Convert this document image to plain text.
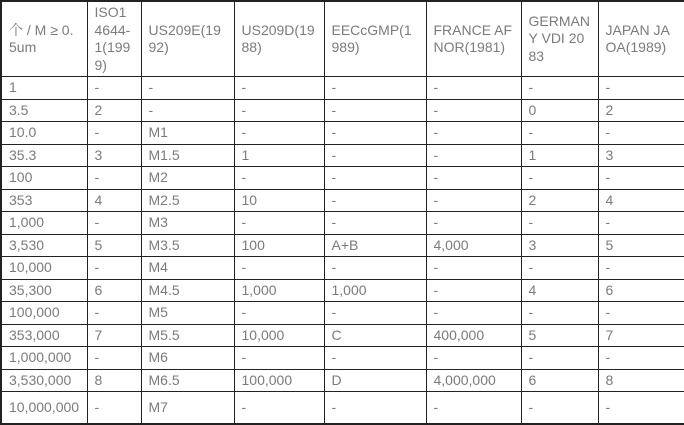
个 / M ≥ 0.5um	ISO14644-1(1999)	US209E(1992)	US209D(1988)	EECcGMP(1989)	FRANCE AFNOR(1981)	GERMANY VDI 2083	JAPAN JAOA(1989)
1	-	-	-	-	-	-	-
3.5	2	-	-	-	-	0	2
10.0	-	M1	-	-	-	-	-
35.3	3	M1.5	1	-	-	1	3
100	-	M2	-	-	-	-	-
353	4	M2.5	10	-	-	2	4
1,000	-	M3	-	-	-	-	-
3,530	5	M3.5	100	A+B	4,000	3	5
10,000	-	M4	-	-	-	-	-
35,300	6	M4.5	1,000	1,000	-	4	6
100,000	-	M5	-	-	-	-	-
353,000	7	M5.5	10,000	C	400,000	5	7
1,000,000	-	M6	-	-	-	-	-
3,530,000	8	M6.5	100,000	D	4,000,000	6	8
10,000,000	-	M7	-	-	-	-	-
